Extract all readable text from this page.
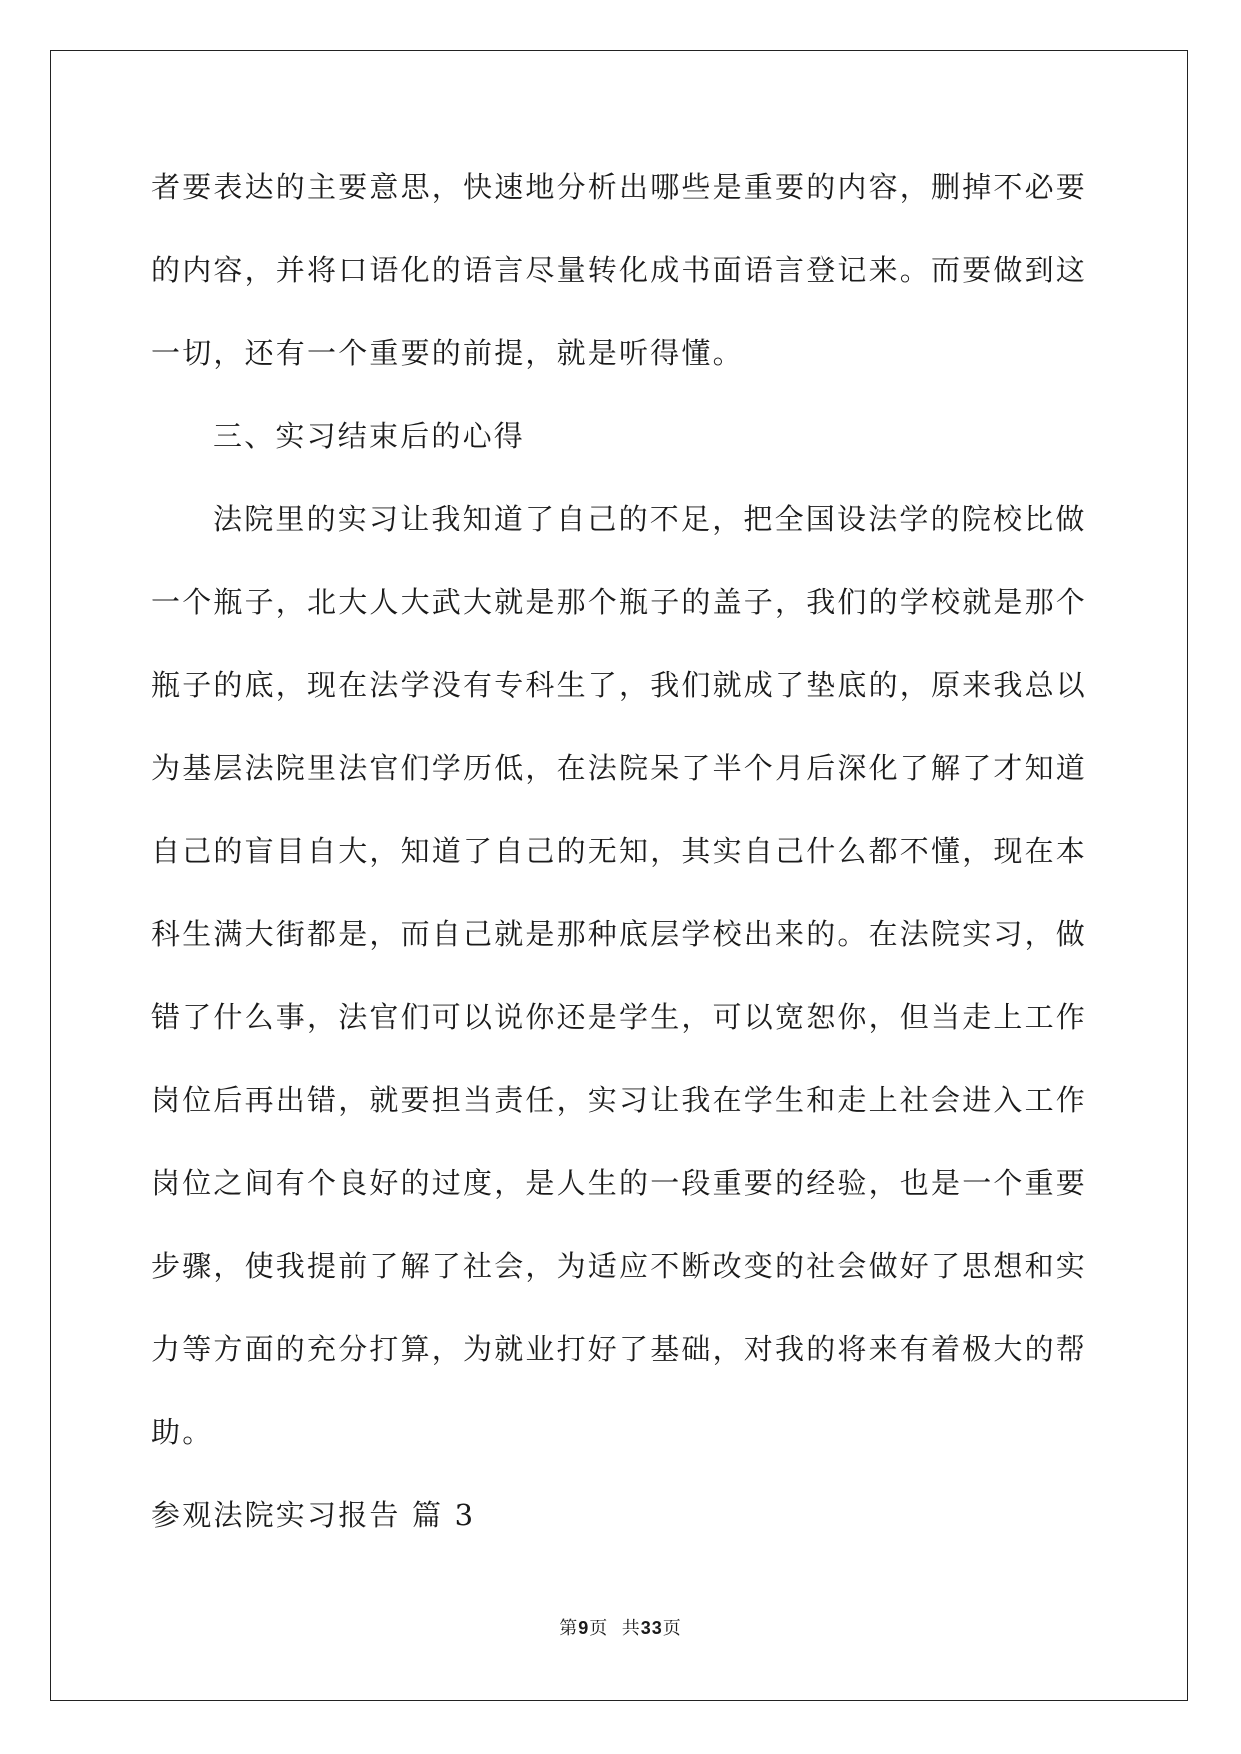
者要表达的主要意思，快速地分析出哪些是重要的内容，删掉不必要
的内容，并将口语化的语言尽量转化成书面语言登记来。而要做到这
一切，还有一个重要的前提，就是听得懂。
三、实习结束后的心得
法院里的实习让我知道了自己的不足，把全国设法学的院校比做
一个瓶子，北大人大武大就是那个瓶子的盖子，我们的学校就是那个
瓶子的底，现在法学没有专科生了，我们就成了垫底的，原来我总以
为基层法院里法官们学历低，在法院呆了半个月后深化了解了才知道
自己的盲目自大，知道了自己的无知，其实自己什么都不懂，现在本
科生满大街都是，而自己就是那种底层学校出来的。在法院实习，做
错了什么事，法官们可以说你还是学生，可以宽恕你，但当走上工作
岗位后再出错，就要担当责任，实习让我在学生和走上社会进入工作
岗位之间有个良好的过度，是人生的一段重要的经验，也是一个重要
步骤，使我提前了解了社会，为适应不断改变的社会做好了思想和实
力等方面的充分打算，为就业打好了基础，对我的将来有着极大的帮
助。
参观法院实习报告 篇 3
第9页  共33页
